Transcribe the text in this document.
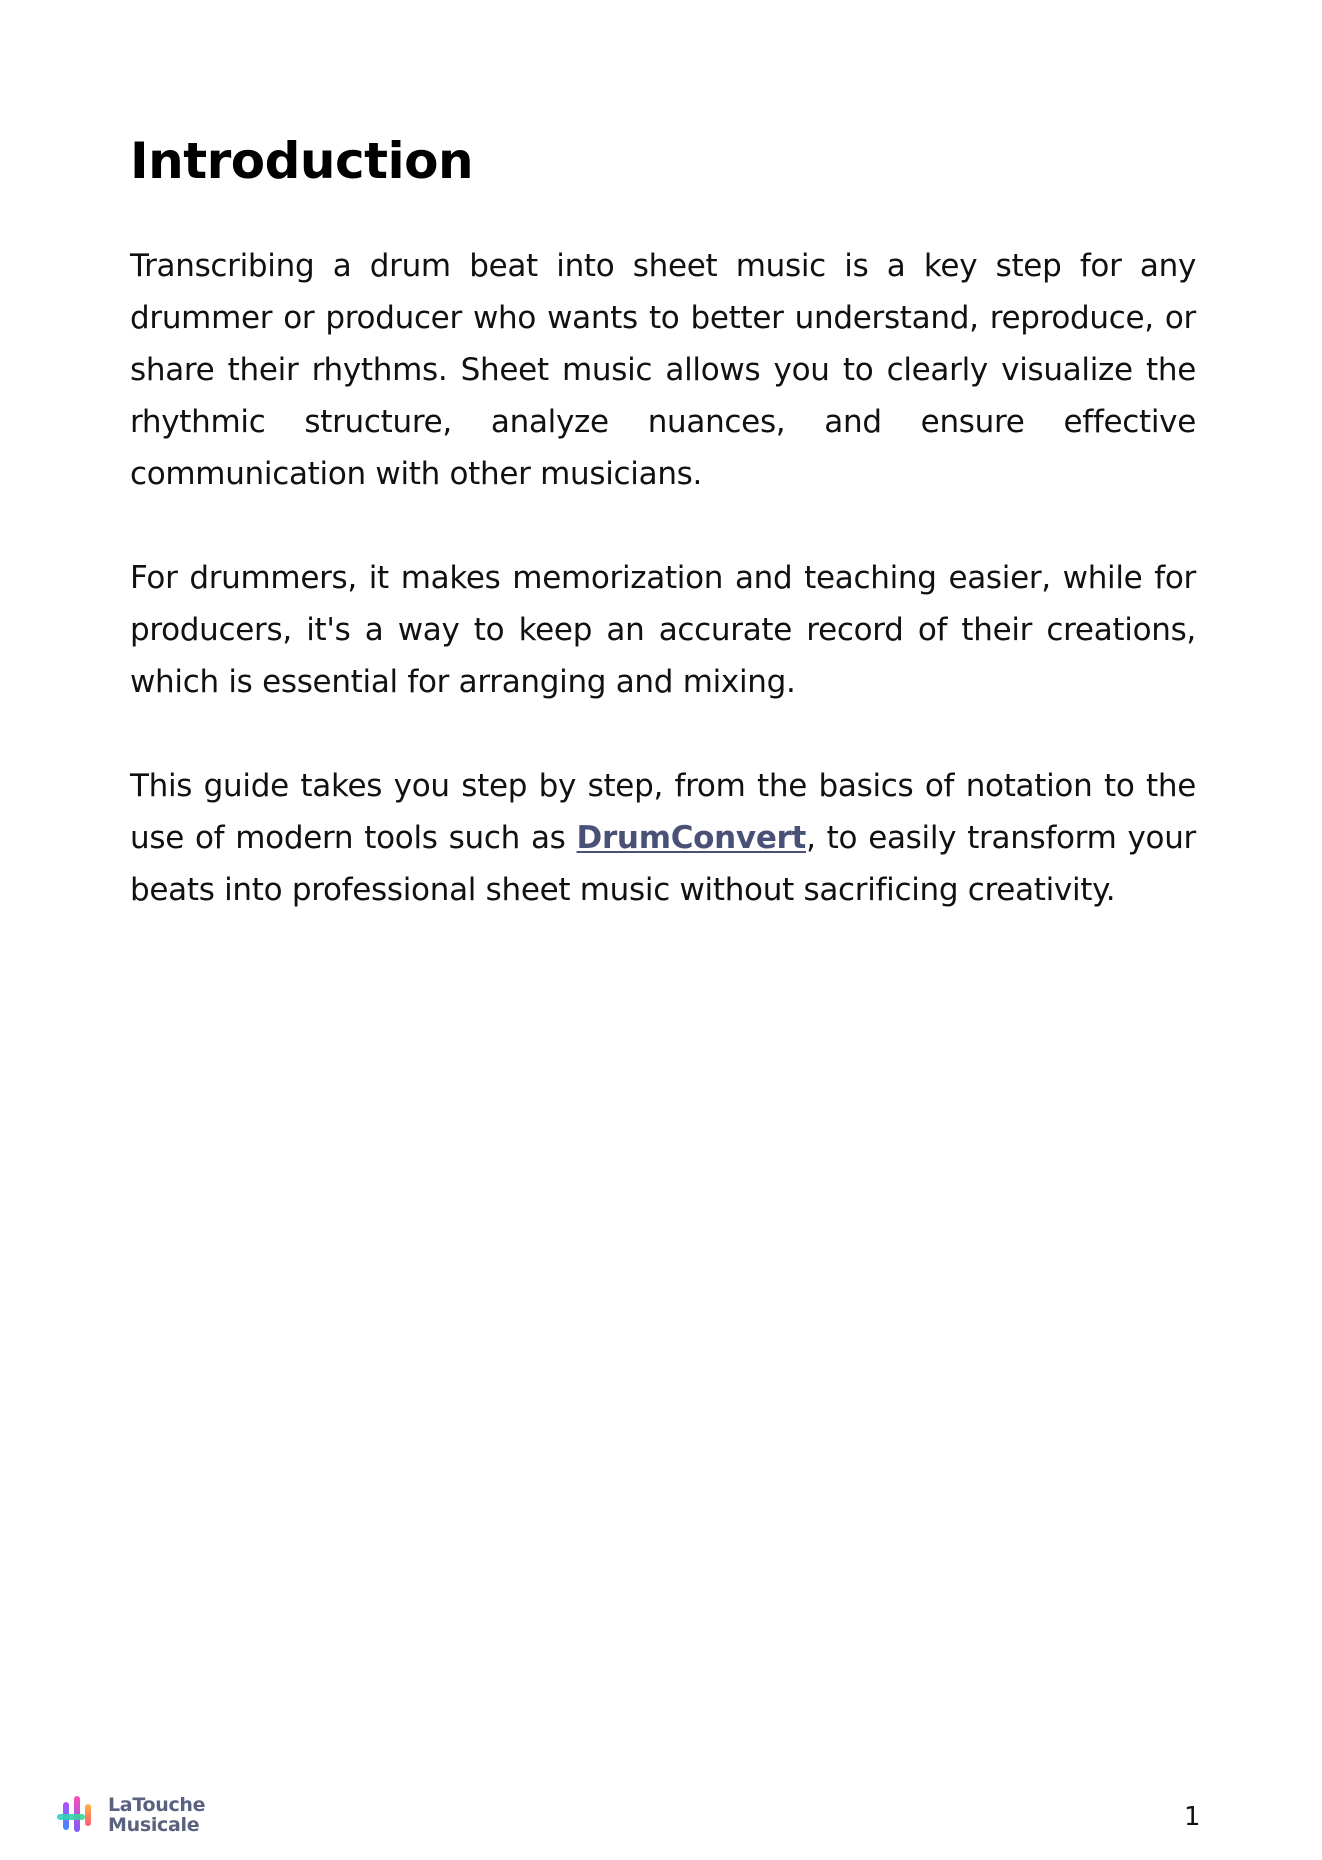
Introduction

Transcribing a drum beat into sheet music is a key step for any drummer or producer who wants to better understand, reproduce, or share their rhythms. Sheet music allows you to clearly visualize the rhythmic structure, analyze nuances, and ensure effective communication with other musicians.

For drummers, it makes memorization and teaching easier, while for producers, it's a way to keep an accurate record of their creations, which is essential for arranging and mixing.

This guide takes you step by step, from the basics of notation to the use of modern tools such as DrumConvert, to easily transform your beats into professional sheet music without sacrificing creativity.

LaTouche
Musicale	1
